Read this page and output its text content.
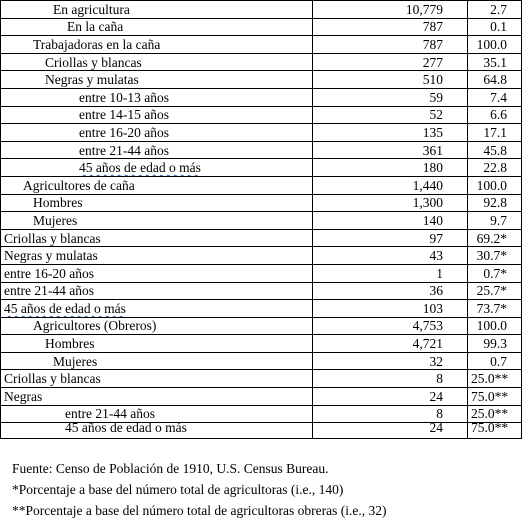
En agricultura	10,779	2.7
En la caña	787	0.1
Trabajadoras en la caña	787	100.0
Criollas y blancas	277	35.1
Negras y mulatas	510	64.8
entre 10-13 años	59	7.4
entre 14-15 años	52	6.6
entre 16-20 años	135	17.1
entre 21-44 años	361	45.8
45 años de edad o más	180	22.8
Agricultores de caña	1,440	100.0
Hombres	1,300	92.8
Mujeres	140	9.7
Criollas y blancas	97	69.2*
Negras y mulatas	43	30.7*
entre 16-20 años	1	0.7*
entre 21-44 años	36	25.7*
45 años de edad o más	103	73.7*
Agricultores (Obreros)	4,753	100.0
Hombres	4,721	99.3
Mujeres	32	0.7
Criollas y blancas	8	25.0**
Negras	24	75.0**
entre 21-44 años	8	25.0**
45 años de edad o más	24	75.0**
Fuente: Censo de Población de 1910, U.S. Census Bureau.
*Porcentaje a base del número total de agricultoras (i.e., 140)
**Porcentaje a base del número total de agricultoras obreras (i.e., 32)
